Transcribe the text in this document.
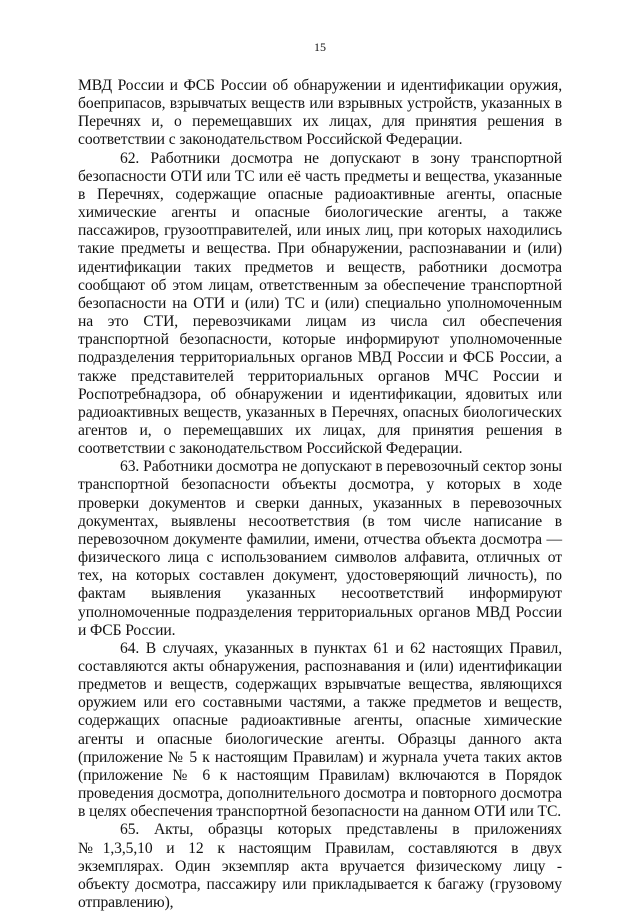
15

МВД России и ФСБ России об обнаружении и идентификации оружия, боеприпасов, взрывчатых веществ или взрывных устройств, указанных в Перечнях и, о перемещавших их лицах, для принятия решения в соответствии с законодательством Российской Федерации.

62. Работники досмотра не допускают в зону транспортной безопасности ОТИ или ТС или её часть предметы и вещества, указанные в Перечнях, содержащие опасные радиоактивные агенты, опасные химические агенты и опасные биологические агенты, а также пассажиров, грузоотправителей, или иных лиц, при которых находились такие предметы и вещества. При обнаружении, распознавании и (или) идентификации таких предметов и веществ, работники досмотра сообщают об этом лицам, ответственным за обеспечение транспортной безопасности на ОТИ и (или) ТС и (или) специально уполномоченным на это СТИ, перевозчиками лицам из числа сил обеспечения транспортной безопасности, которые информируют уполномоченные подразделения территориальных органов МВД России и ФСБ России, а также представителей территориальных органов МЧС России и Роспотребнадзора, об обнаружении и идентификации, ядовитых или радиоактивных веществ, указанных в Перечнях, опасных биологических агентов и, о перемещавших их лицах, для принятия решения в соответствии с законодательством Российской Федерации.

63. Работники досмотра не допускают в перевозочный сектор зоны транспортной безопасности объекты досмотра, у которых в ходе проверки документов и сверки данных, указанных в перевозочных документах, выявлены несоответствия (в том числе написание в перевозочном документе фамилии, имени, отчества объекта досмотра — физического лица с использованием символов алфавита, отличных от тех, на которых составлен документ, удостоверяющий личность), по фактам выявления указанных несоответствий информируют уполномоченные подразделения территориальных органов МВД России и ФСБ России.

64. В случаях, указанных в пунктах 61 и 62 настоящих Правил, составляются акты обнаружения, распознавания и (или) идентификации предметов и веществ, содержащих взрывчатые вещества, являющихся оружием или его составными частями, а также предметов и веществ, содержащих опасные радиоактивные агенты, опасные химические агенты и опасные биологические агенты. Образцы данного акта (приложение № 5 к настоящим Правилам) и журнала учета таких актов (приложение № 6 к настоящим Правилам) включаются в Порядок проведения досмотра, дополнительного досмотра и повторного досмотра в целях обеспечения транспортной безопасности на данном ОТИ или ТС.

65. Акты, образцы которых представлены в приложениях №1,3,5,10 и 12 к настоящим Правилам, составляются в двух экземплярах. Один экземпляр акта вручается физическому лицу - объекту досмотра, пассажиру или прикладывается к багажу (грузовому отправлению),
